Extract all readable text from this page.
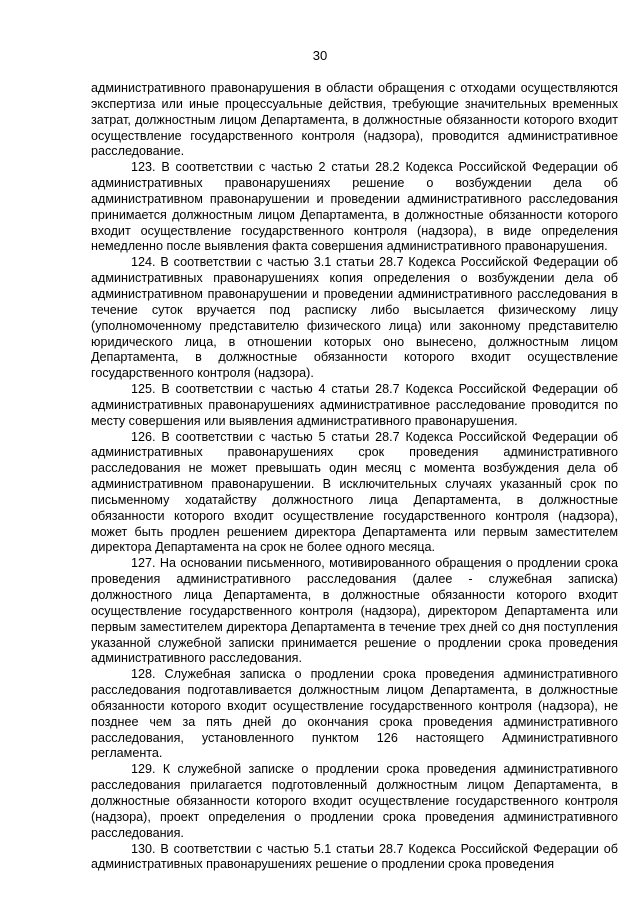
30

административного правонарушения в области обращения с отходами осуществляются экспертиза или иные процессуальные действия, требующие значительных временных затрат, должностным лицом Департамента, в должностные обязанности которого входит осуществление государственного контроля (надзора), проводится административное расследование.

123. В соответствии с частью 2 статьи 28.2 Кодекса Российской Федерации об административных правонарушениях решение о возбуждении дела об административном правонарушении и проведении административного расследования принимается должностным лицом Департамента, в должностные обязанности которого входит осуществление государственного контроля (надзора), в виде определения немедленно после выявления факта совершения административного правонарушения.

124. В соответствии с частью 3.1 статьи 28.7 Кодекса Российской Федерации об административных правонарушениях копия определения о возбуждении дела об административном правонарушении и проведении административного расследования в течение суток вручается под расписку либо высылается физическому лицу (уполномоченному представителю физического лица) или законному представителю юридического лица, в отношении которых оно вынесено, должностным лицом Департамента, в должностные обязанности которого входит осуществление государственного контроля (надзора).

125. В соответствии с частью 4 статьи 28.7 Кодекса Российской Федерации об административных правонарушениях административное расследование проводится по месту совершения или выявления административного правонарушения.

126. В соответствии с частью 5 статьи 28.7 Кодекса Российской Федерации об административных правонарушениях срок проведения административного расследования не может превышать один месяц с момента возбуждения дела об административном правонарушении. В исключительных случаях указанный срок по письменному ходатайству должностного лица Департамента, в должностные обязанности которого входит осуществление государственного контроля (надзора), может быть продлен решением директора Департамента или первым заместителем директора Департамента на срок не более одного месяца.

127. На основании письменного, мотивированного обращения о продлении срока проведения административного расследования (далее - служебная записка) должностного лица Департамента, в должностные обязанности которого входит осуществление государственного контроля (надзора), директором Департамента или первым заместителем директора Департамента в течение трех дней со дня поступления указанной служебной записки принимается решение о продлении срока проведения административного расследования.

128. Служебная записка о продлении срока проведения административного расследования подготавливается должностным лицом Департамента, в должностные обязанности которого входит осуществление государственного контроля (надзора), не позднее чем за пять дней до окончания срока проведения административного расследования, установленного пунктом 126 настоящего Административного регламента.

129. К служебной записке о продлении срока проведения административного расследования прилагается подготовленный должностным лицом Департамента, в должностные обязанности которого входит осуществление государственного контроля (надзора), проект определения о продлении срока проведения административного расследования.

130. В соответствии с частью 5.1 статьи 28.7 Кодекса Российской Федерации об административных правонарушениях решение о продлении срока проведения
